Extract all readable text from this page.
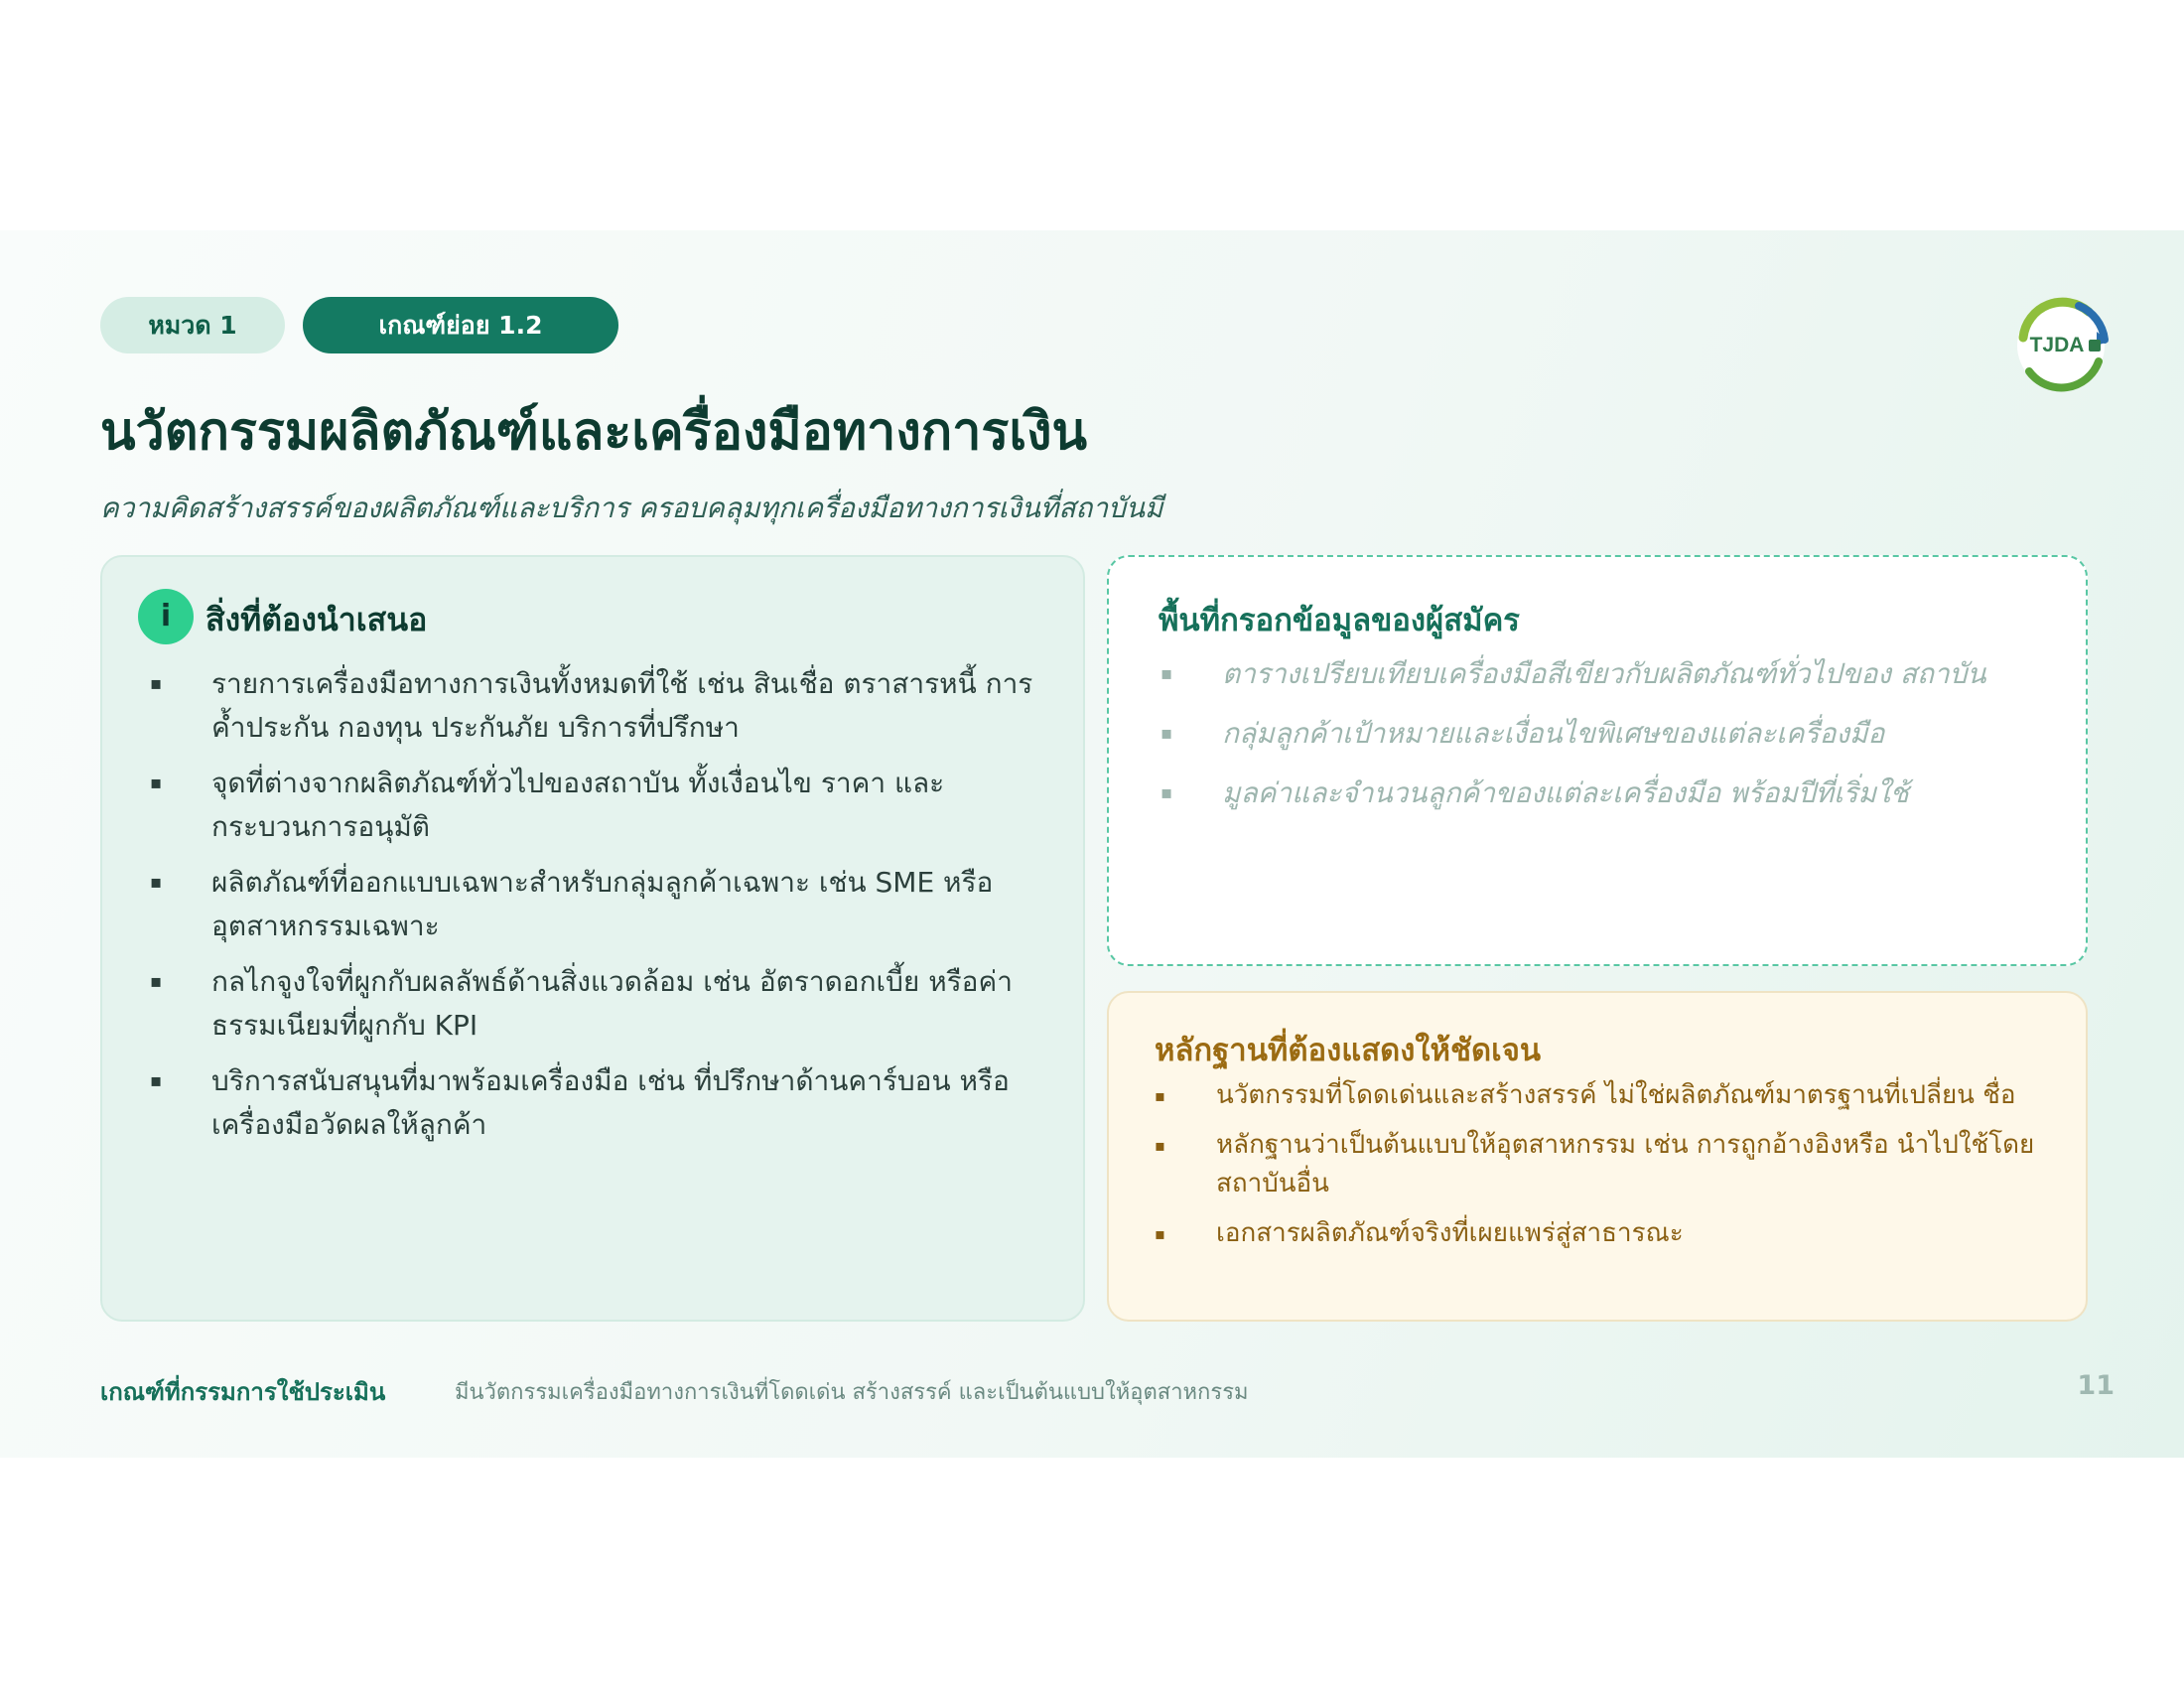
หมวด 1	เกณฑ์ย่อย 1.2
TJDA
นวัตกรรมผลิตภัณฑ์และเครื่องมือทางการเงิน
ความคิดสร้างสรรค์ของผลิตภัณฑ์และบริการ ครอบคลุมทุกเครื่องมือทางการเงินที่สถาบันมี
i	สิ่งที่ต้องนำเสนอ
▪ รายการเครื่องมือทางการเงินทั้งหมดที่ใช้ เช่น สินเชื่อ ตราสารหนี้ การค้ำประกัน กองทุน ประกันภัย บริการที่ปรึกษา
▪ จุดที่ต่างจากผลิตภัณฑ์ทั่วไปของสถาบัน ทั้งเงื่อนไข ราคา และ กระบวนการอนุมัติ
▪ ผลิตภัณฑ์ที่ออกแบบเฉพาะสำหรับกลุ่มลูกค้าเฉพาะ เช่น SME หรืออุตสาหกรรมเฉพาะ
▪ กลไกจูงใจที่ผูกกับผลลัพธ์ด้านสิ่งแวดล้อม เช่น อัตราดอกเบี้ย หรือค่าธรรมเนียมที่ผูกกับ KPI
▪ บริการสนับสนุนที่มาพร้อมเครื่องมือ เช่น ที่ปรึกษาด้านคาร์บอน หรือเครื่องมือวัดผลให้ลูกค้า
พื้นที่กรอกข้อมูลของผู้สมัคร
▪ ตารางเปรียบเทียบเครื่องมือสีเขียวกับผลิตภัณฑ์ทั่วไปของ สถาบัน
▪ กลุ่มลูกค้าเป้าหมายและเงื่อนไขพิเศษของแต่ละเครื่องมือ
▪ มูลค่าและจำนวนลูกค้าของแต่ละเครื่องมือ พร้อมปีที่เริ่มใช้
หลักฐานที่ต้องแสดงให้ชัดเจน
▪ นวัตกรรมที่โดดเด่นและสร้างสรรค์ ไม่ใช่ผลิตภัณฑ์มาตรฐานที่เปลี่ยน ชื่อ
▪ หลักฐานว่าเป็นต้นแบบให้อุตสาหกรรม เช่น การถูกอ้างอิงหรือ นำไปใช้โดยสถาบันอื่น
▪ เอกสารผลิตภัณฑ์จริงที่เผยแพร่สู่สาธารณะ
เกณฑ์ที่กรรมการใช้ประเมิน	มีนวัตกรรมเครื่องมือทางการเงินที่โดดเด่น สร้างสรรค์ และเป็นต้นแบบให้อุตสาหกรรม	11
